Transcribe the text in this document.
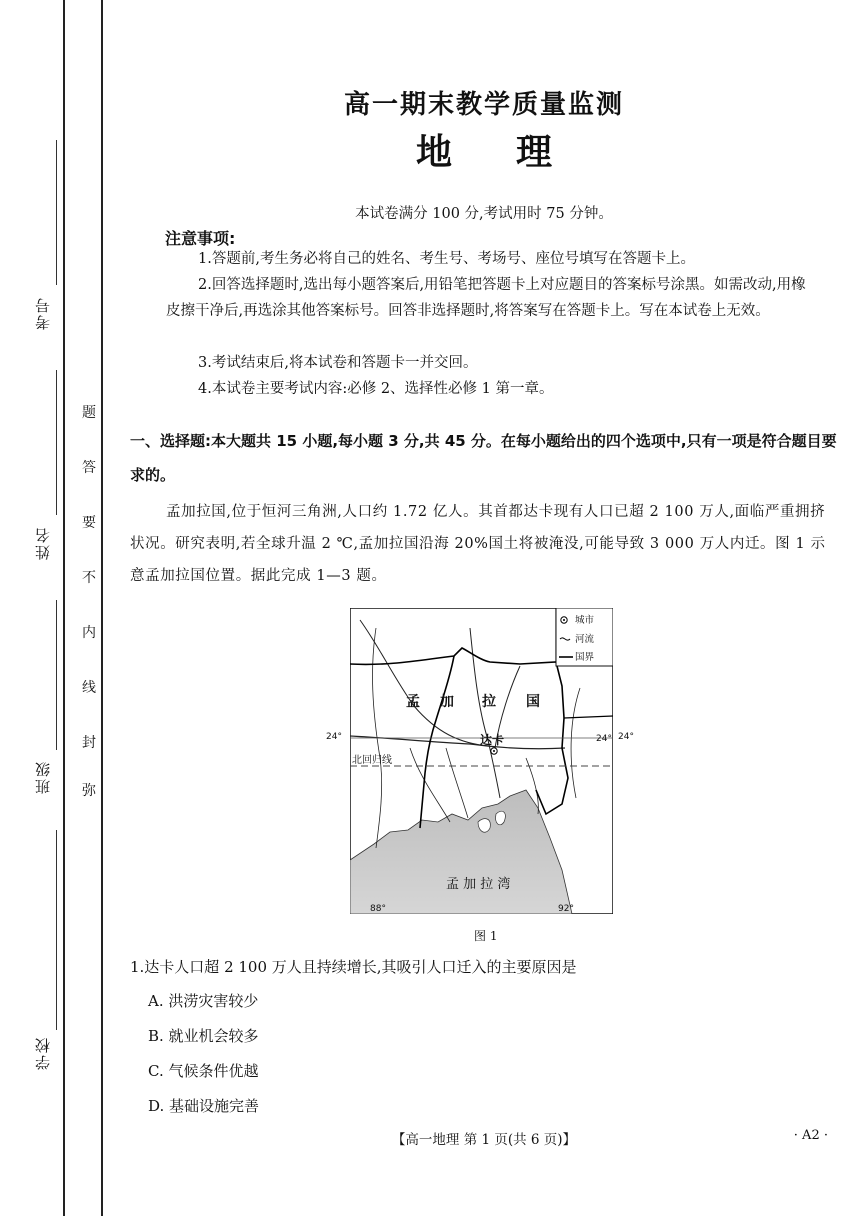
考号
姓名
班级
学校
题
答
要
不
内
线
封
弥
高一期末教学质量监测
地 理
本试卷满分 100 分,考试用时 75 分钟。
注意事项:
1.答题前,考生务必将自己的姓名、考生号、考场号、座位号填写在答题卡上。
2.回答选择题时,选出每小题答案后,用铅笔把答题卡上对应题目的答案标号涂黑。如需改动,用橡皮擦干净后,再选涂其他答案标号。回答非选择题时,将答案写在答题卡上。写在本试卷上无效。
3.考试结束后,将本试卷和答题卡一并交回。
4.本试卷主要考试内容:必修 2、选择性必修 1 第一章。
一、选择题:本大题共 15 小题,每小题 3 分,共 45 分。在每小题给出的四个选项中,只有一项是符合题目要求的。
孟加拉国,位于恒河三角洲,人口约 1.72 亿人。其首都达卡现有人口已超 2 100 万人,面临严重拥挤状况。研究表明,若全球升温 2 ℃,孟加拉国沿海 20%国土将被淹没,可能导致 3 000 万人内迁。图 1 示意孟加拉国位置。据此完成 1—3 题。
城市
河流
国界
孟 加 拉 国
达卡	24°
北回归线
孟 加 拉 湾
88°	92°
24°	24°
图 1
1.达卡人口超 2 100 万人且持续增长,其吸引人口迁入的主要原因是
A. 洪涝灾害较少
B. 就业机会较多
C. 气候条件优越
D. 基础设施完善
【高一地理 第 1 页(共 6 页)】	· A2 ·
